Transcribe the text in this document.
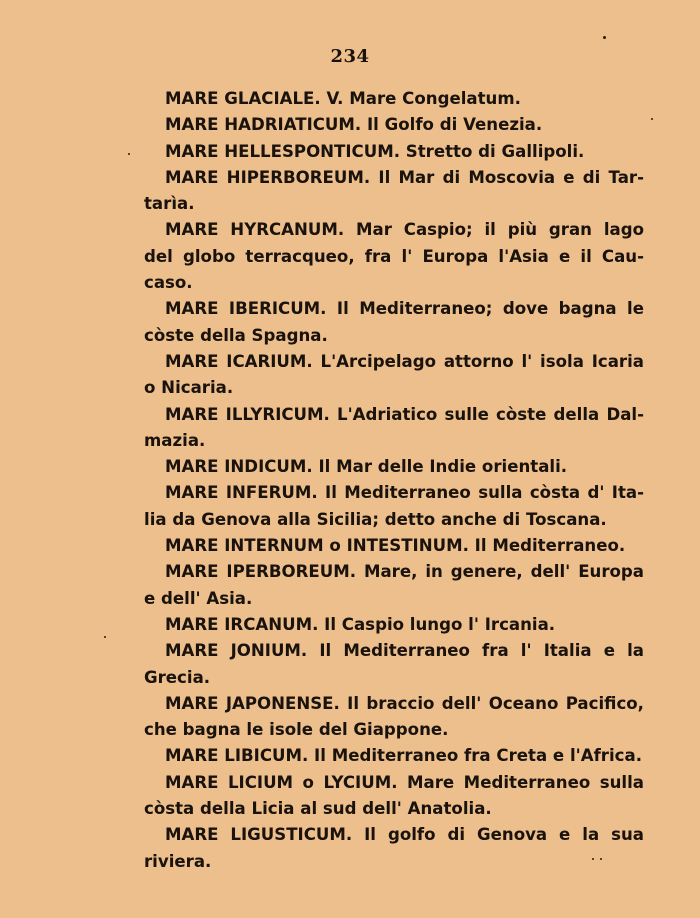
234
MARE GLACIALE. V. Mare Congelatum.
MARE HADRIATICUM. Il Golfo di Venezia.
MARE HELLESPONTICUM. Stretto di Gallipoli.
MARE HIPERBOREUM. Il Mar di Moscovia e di Tar-
tarìa.
MARE HYRCANUM. Mar Caspio; il più gran lago
del globo terracqueo, fra l' Europa l'Asia e il Cau-
caso.
MARE IBERICUM. Il Mediterraneo; dove bagna le
còste della Spagna.
MARE ICARIUM. L'Arcipelago attorno l' isola Icaria
o Nicaria.
MARE ILLYRICUM. L'Adriatico sulle còste della Dal-
mazia.
MARE INDICUM. Il Mar delle Indie orientali.
MARE INFERUM. Il Mediterraneo sulla còsta d' Ita-
lia da Genova alla Sicilia; detto anche di Toscana.
MARE INTERNUM o INTESTINUM. Il Mediterraneo.
MARE IPERBOREUM. Mare, in genere, dell' Europa
e dell' Asia.
MARE IRCANUM. Il Caspio lungo l' Ircania.
MARE JONIUM. Il Mediterraneo fra l' Italia e la
Grecia.
MARE JAPONENSE. Il braccio dell' Oceano Pacifico,
che bagna le isole del Giappone.
MARE LIBICUM. Il Mediterraneo fra Creta e l'Africa.
MARE LICIUM o LYCIUM. Mare Mediterraneo sulla
còsta della Licia al sud dell' Anatolia.
MARE LIGUSTICUM. Il golfo di Genova e la sua
riviera.
